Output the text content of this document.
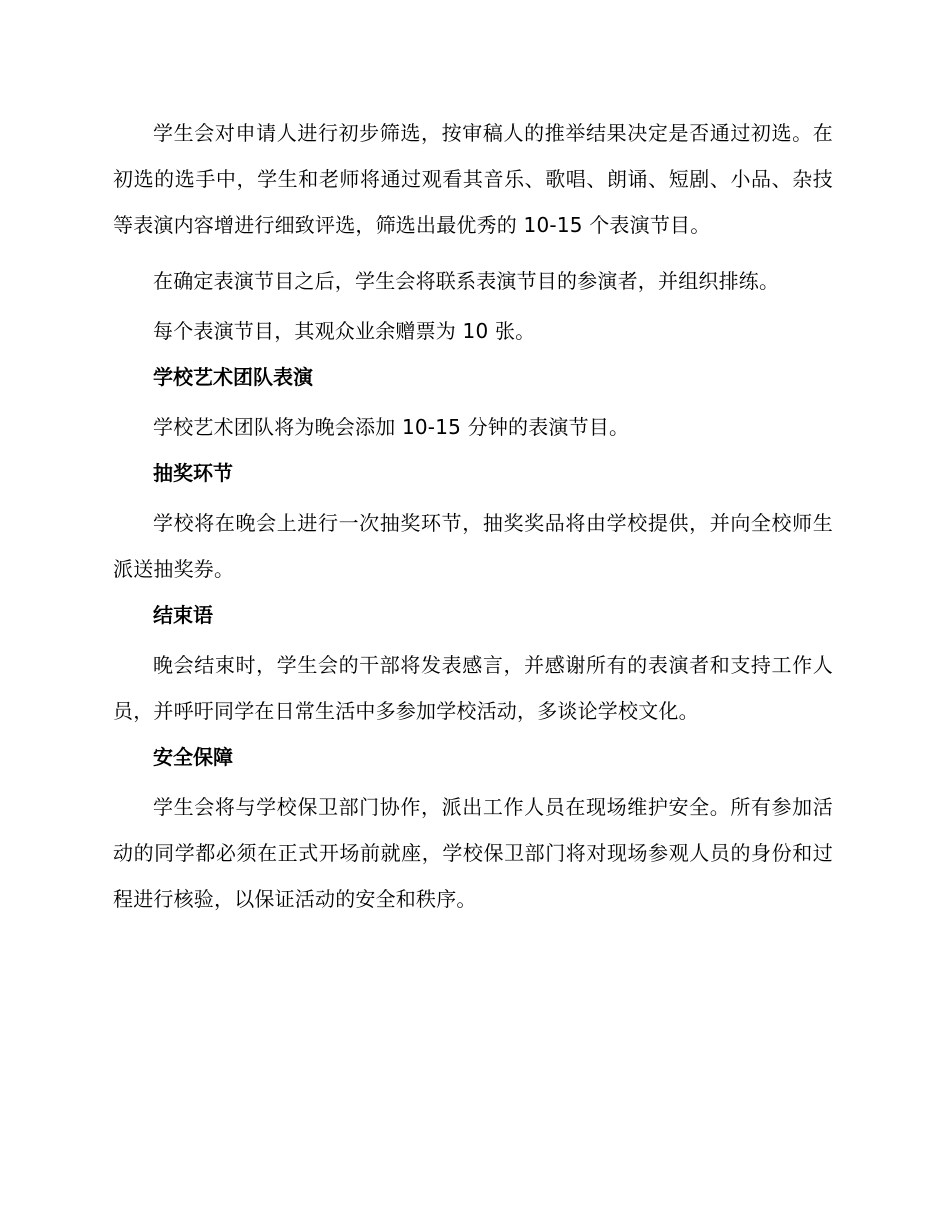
学生会对申请人进行初步筛选，按审稿人的推举结果决定是否通过初选。在初选的选手中，学生和老师将通过观看其音乐、歌唱、朗诵、短剧、小品、杂技等表演内容增进行细致评选，筛选出最优秀的 10-15 个表演节目。

在确定表演节目之后，学生会将联系表演节目的参演者，并组织排练。

每个表演节目，其观众业余赠票为 10 张。

学校艺术团队表演

学校艺术团队将为晚会添加 10-15 分钟的表演节目。

抽奖环节

学校将在晚会上进行一次抽奖环节，抽奖奖品将由学校提供，并向全校师生派送抽奖券。

结束语

晚会结束时，学生会的干部将发表感言，并感谢所有的表演者和支持工作人员，并呼吁同学在日常生活中多参加学校活动，多谈论学校文化。

安全保障

学生会将与学校保卫部门协作，派出工作人员在现场维护安全。所有参加活动的同学都必须在正式开场前就座，学校保卫部门将对现场参观人员的身份和过程进行核验，以保证活动的安全和秩序。
